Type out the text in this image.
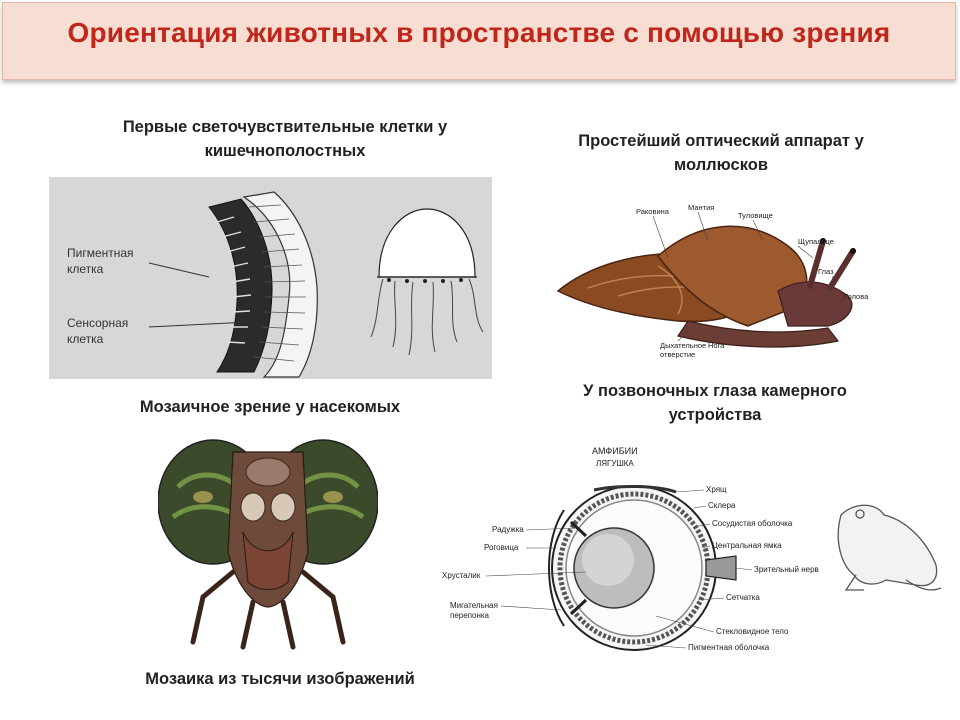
Ориентация животных в пространстве с помощью зрения
Первые светочувствительные клетки у
кишечнополостных
Простейший оптический аппарат у
моллюсков
Мозаичное зрение у насекомых
У позвоночных глаза камерного
устройства
Мозаика из тысячи изображений
Пигментная
клетка
Сенсорная
клетка
Раковина	Мантия
Туловище
Щупальце
Глаз
Голова
Дыхательное
отверстие
Нога
АМФИБИИ
ЛЯГУШКА
Радужка
Роговица
Хрусталик
Мигательная
перепонка
Хрящ
Склера
Сосудистая оболочка
Центральная ямка
Зрительный нерв
Сетчатка
Стекловидное тело
Пигментная оболочка
